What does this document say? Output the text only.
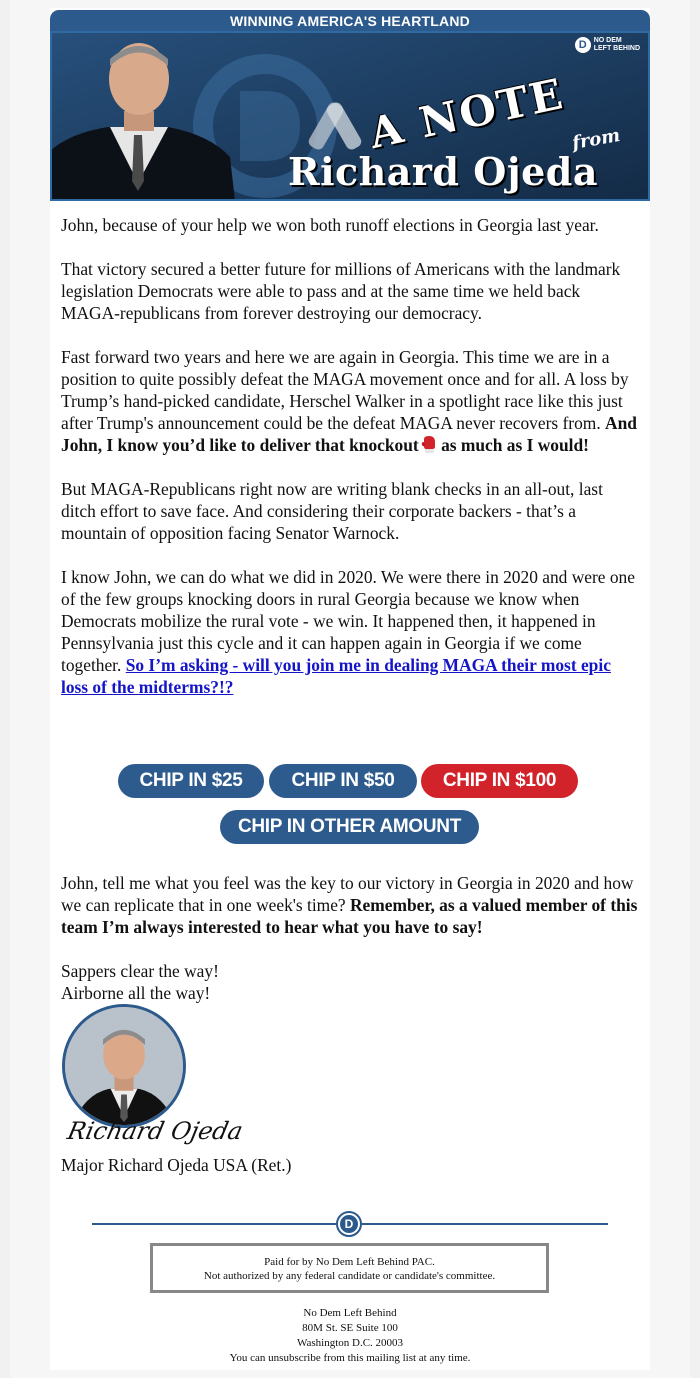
WINNING AMERICA'S HEARTLAND
D NO DEM
LEFT BEHIND
A NOTE from
Richard Ojeda

John, because of your help we won both runoff elections in Georgia last year.

That victory secured a better future for millions of Americans with the landmark legislation Democrats were able to pass and at the same time we held back MAGA-republicans from forever destroying our democracy.

Fast forward two years and here we are again in Georgia. This time we are in a position to quite possibly defeat the MAGA movement once and for all. A loss by Trump’s hand-picked candidate, Herschel Walker in a spotlight race like this just after Trump's announcement could be the defeat MAGA never recovers from. And John, I know you’d like to deliver that knockout as much as I would!

But MAGA-Republicans right now are writing blank checks in an all-out, last ditch effort to save face. And considering their corporate backers - that’s a mountain of opposition facing Senator Warnock.

I know John, we can do what we did in 2020. We were there in 2020 and were one of the few groups knocking doors in rural Georgia because we know when Democrats mobilize the rural vote - we win. It happened then, it happened in Pennsylvania just this cycle and it can happen again in Georgia if we come together. So I’m asking - will you join me in dealing MAGA their most epic loss of the midterms?!?

CHIP IN $25	CHIP IN $50	CHIP IN $100
CHIP IN OTHER AMOUNT

John, tell me what you feel was the key to our victory in Georgia in 2020 and how we can replicate that in one week's time? Remember, as a valued member of this team I’m always interested to hear what you have to say!

Sappers clear the way!
Airborne all the way!
Richard Ojeda
Major Richard Ojeda USA (Ret.)
D
Paid for by No Dem Left Behind PAC.
Not authorized by any federal candidate or candidate's committee.
No Dem Left Behind
80M St. SE Suite 100
Washington D.C. 20003
You can unsubscribe from this mailing list at any time.
